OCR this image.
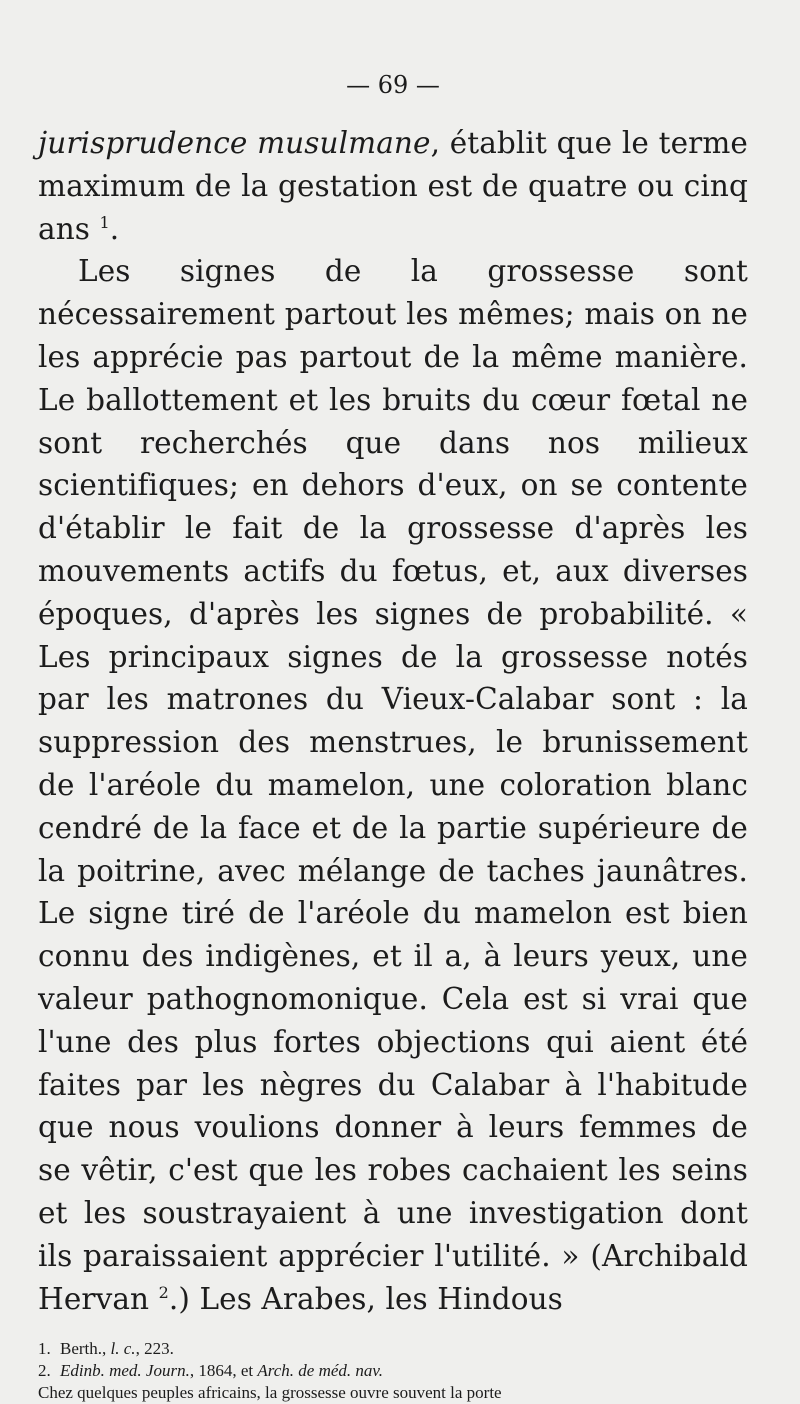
— 69 —

jurisprudence musulmane, établit que le terme maximum de la gestation est de quatre ou cinq ans $^1$.

Les signes de la grossesse sont nécessairement partout les mêmes; mais on ne les apprécie pas partout de la même manière. Le ballottement et les bruits du cœur fœtal ne sont recherchés que dans nos milieux scientifiques; en dehors d'eux, on se contente d'établir le fait de la grossesse d'après les mouvements actifs du fœtus, et, aux diverses époques, d'après les signes de probabilité. « Les principaux signes de la grossesse notés par les matrones du Vieux-Calabar sont : la suppression des menstrues, le brunissement de l'aréole du mamelon, une coloration blanc cendré de la face et de la partie supérieure de la poitrine, avec mélange de taches jaunâtres. Le signe tiré de l'aréole du mamelon est bien connu des indigènes, et il a, à leurs yeux, une valeur pathognomonique. Cela est si vrai que l'une des plus fortes objections qui aient été faites par les nègres du Calabar à l'habitude que nous voulions donner à leurs femmes de se vêtir, c'est que les robes cachaient les seins et les soustrayaient à une investigation dont ils paraissaient apprécier l'utilité. » (Archibald Hervan $^2$.) Les Arabes, les Hindous

1. Berth., l. c., 223.

2. Edinb. med. Journ., 1864, et Arch. de méd. nav.

Chez quelques peuples africains, la grossesse ouvre souvent la porte
